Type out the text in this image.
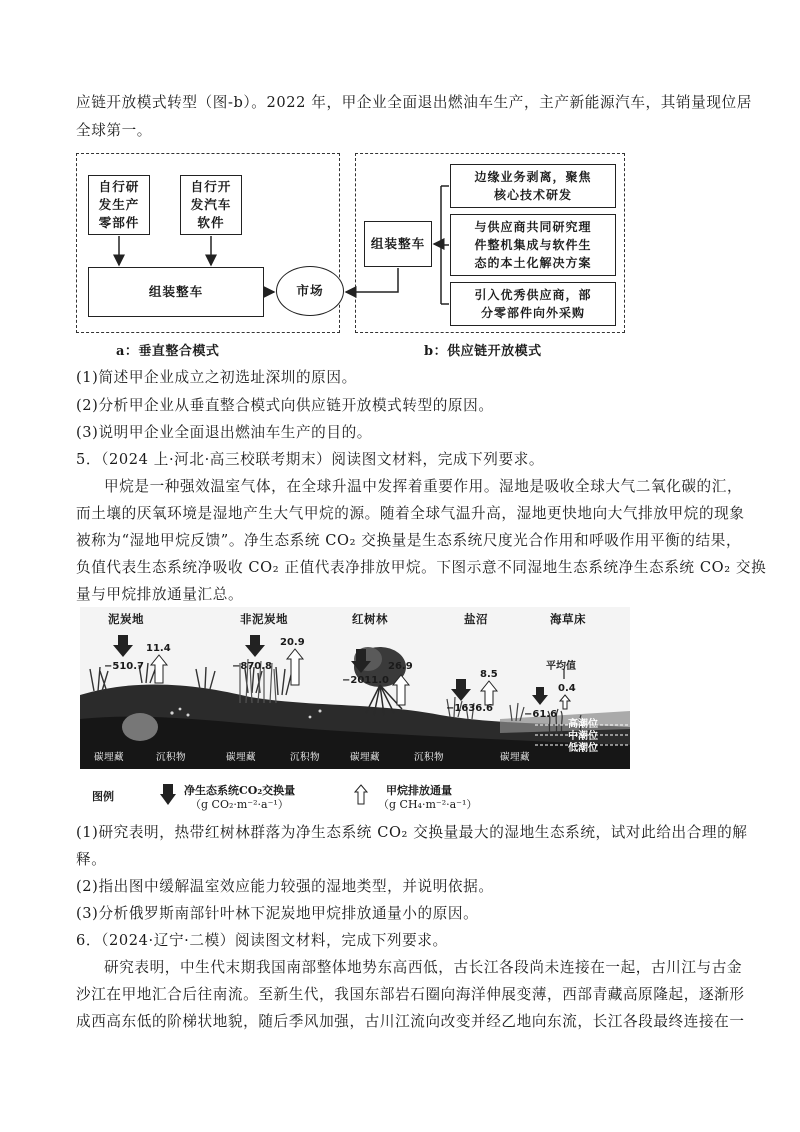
应链开放模式转型（图-b）。2022 年，甲企业全面退出燃油车生产，主产新能源汽车，其销量现位居
全球第一。
自行研
发生产
零部件
自行开
发汽车
软件
组装整车	市场
组装整车
边缘业务剥离，聚焦
核心技术研发
与供应商共同研究理
件整机集成与软件生
态的本土化解决方案
引入优秀供应商，部
分零部件向外采购
a：垂直整合模式	b：供应链开放模式
(1)简述甲企业成立之初选址深圳的原因。
(2)分析甲企业从垂直整合模式向供应链开放模式转型的原因。
(3)说明甲企业全面退出燃油车生产的目的。
5．（2024 上·河北·高三校联考期末）阅读图文材料，完成下列要求。
甲烷是一种强效温室气体，在全球升温中发挥着重要作用。湿地是吸收全球大气二氧化碳的汇，
而土壤的厌氧环境是湿地产生大气甲烷的源。随着全球气温升高，湿地更快地向大气排放甲烷的现象
被称为“湿地甲烷反馈”。净生态系统 CO₂ 交换量是生态系统尺度光合作用和呼吸作用平衡的结果，
负值代表生态系统净吸收 CO₂ 正值代表净排放甲烷。下图示意不同湿地生态系统净生态系统 CO₂ 交换
量与甲烷排放通量汇总。
泥炭地	非泥炭地	红树林	盐沼	海草床
11.4
−510.7
20.9
−870.8	26.9
−2011.0
8.5
−1636.6
平均值
0.4
−61.6
高潮位
中潮位
低潮位
碳埋藏	沉积物	碳埋藏	沉积物	碳埋藏	沉积物	碳埋藏
图例	净生态系统CO₂交换量
（g CO₂·m⁻²·a⁻¹）
甲烷排放通量
（g CH₄·m⁻²·a⁻¹）
(1)研究表明，热带红树林群落为净生态系统 CO₂ 交换量最大的湿地生态系统，试对此给出合理的解
释。
(2)指出图中缓解温室效应能力较强的湿地类型，并说明依据。
(3)分析俄罗斯南部针叶林下泥炭地甲烷排放通量小的原因。
6．（2024·辽宁·二模）阅读图文材料，完成下列要求。
研究表明，中生代末期我国南部整体地势东高西低，古长江各段尚未连接在一起，古川江与古金
沙江在甲地汇合后往南流。至新生代，我国东部岩石圈向海洋伸展变薄，西部青藏高原隆起，逐渐形
成西高东低的阶梯状地貌，随后季风加强，古川江流向改变并经乙地向东流，长江各段最终连接在一
